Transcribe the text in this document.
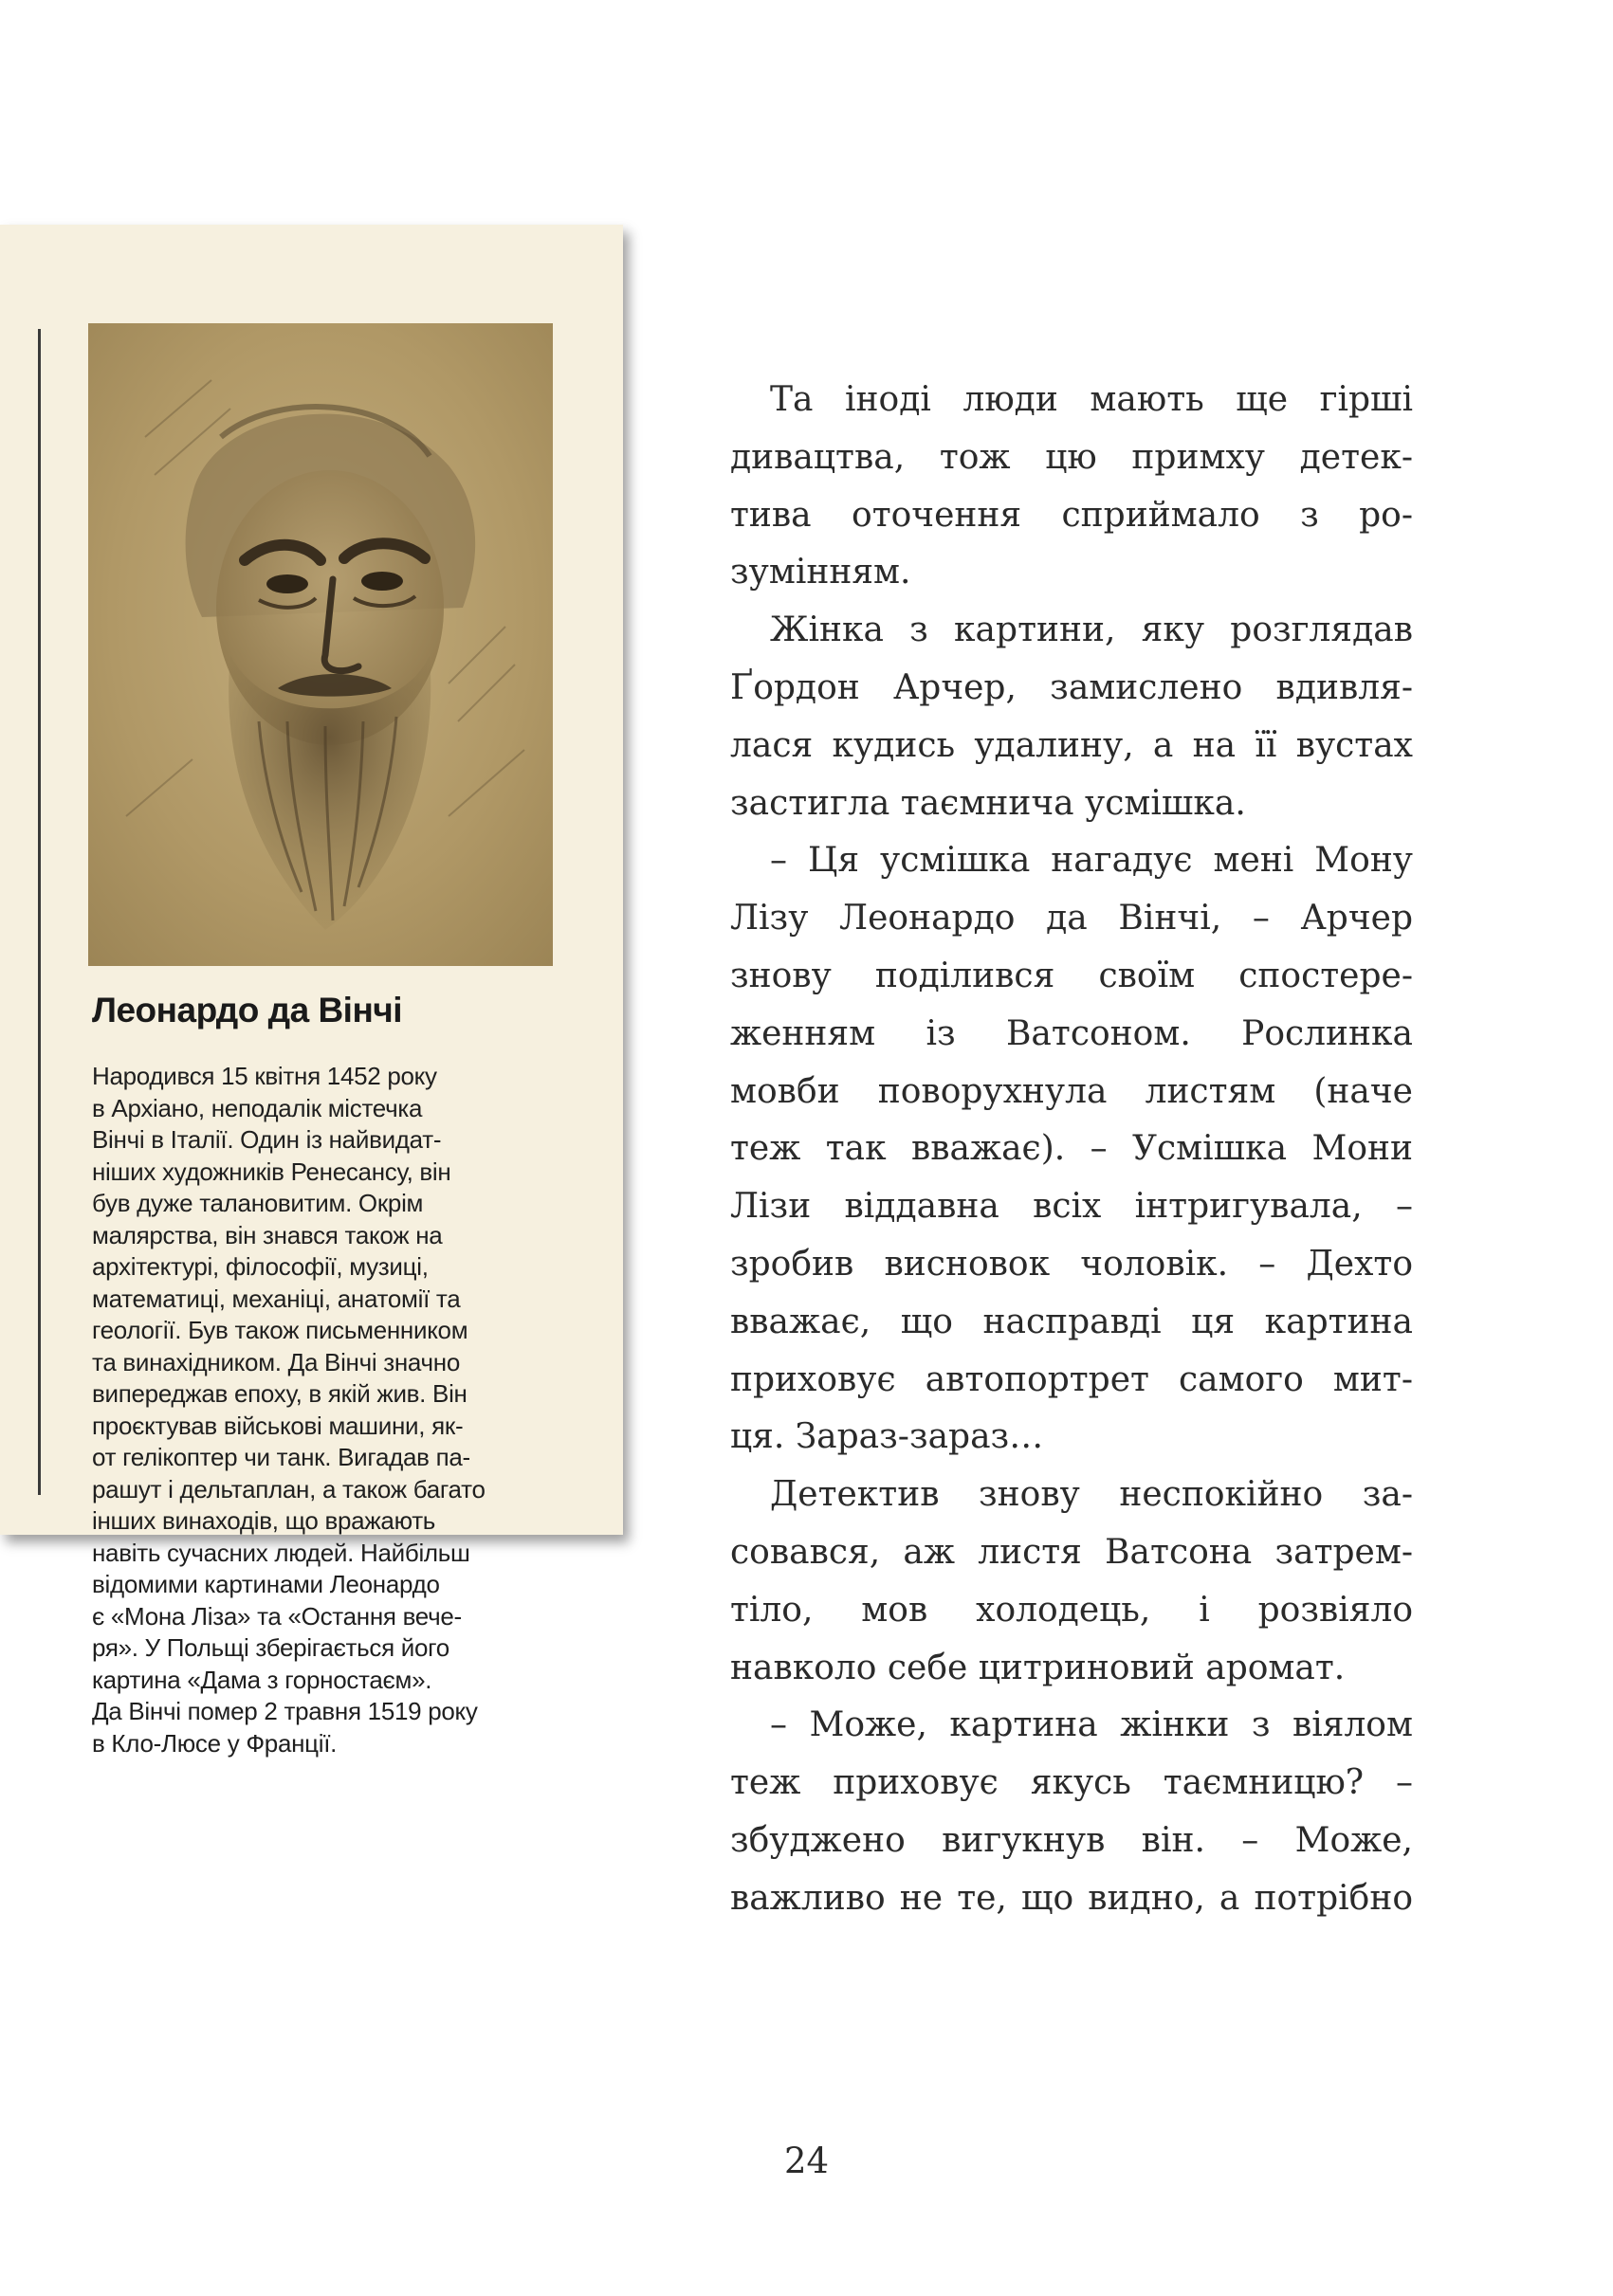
Леонардо да Вінчі
Народився 15 квітня 1452 року
в Архіано, неподалік містечка
Вінчі в Італії. Один із найвидат-
ніших художників Ренесансу, він
був дуже талановитим. Окрім
малярства, він знався також на
архітектурі, філософії, музиці,
математиці, механіці, анатомії та
геології. Був також письменником
та винахідником. Да Вінчі значно
випереджав епоху, в якій жив. Він
проєктував військові машини, як-
от гелікоптер чи танк. Вигадав па-
рашут і дельтаплан, а також багато
інших винаходів, що вражають
навіть сучасних людей. Найбільш
відомими картинами Леонардо
є «Мона Ліза» та «Остання вече-
ря». У Польщі зберігається його
картина «Дама з горностаєм».
Да Вінчі помер 2 травня 1519 року
в Кло-Люсе у Франції.
Та іноді люди мають ще гірші
дивацтва, тож цю примху детек-
тива оточення сприймало з ро-
зумінням.
Жінка з картини, яку розглядав
Ґордон Арчер, замислено вдивля-
лася кудись удалину, а на її вустах
застигла таємнича усмішка.
– Ця усмішка нагадує мені Мону
Лізу Леонардо да Вінчі, – Арчер
знову поділився своїм спостере-
женням із Ватсоном. Рослинка
мовби поворухнула листям (наче
теж так вважає). – Усмішка Мони
Лізи віддавна всіх інтригувала, –
зробив висновок чоловік. – Дехто
вважає, що насправді ця картина
приховує автопортрет самого мит-
ця. Зараз-зараз…
Детектив знову неспокійно за-
совався, аж листя Ватсона затрем-
тіло, мов холодець, і розвіяло
навколо себе цитриновий аромат.
– Може, картина жінки з віялом
теж приховує якусь таємницю? –
збуджено вигукнув він. – Може,
важливо не те, що видно, а потрібно

24
